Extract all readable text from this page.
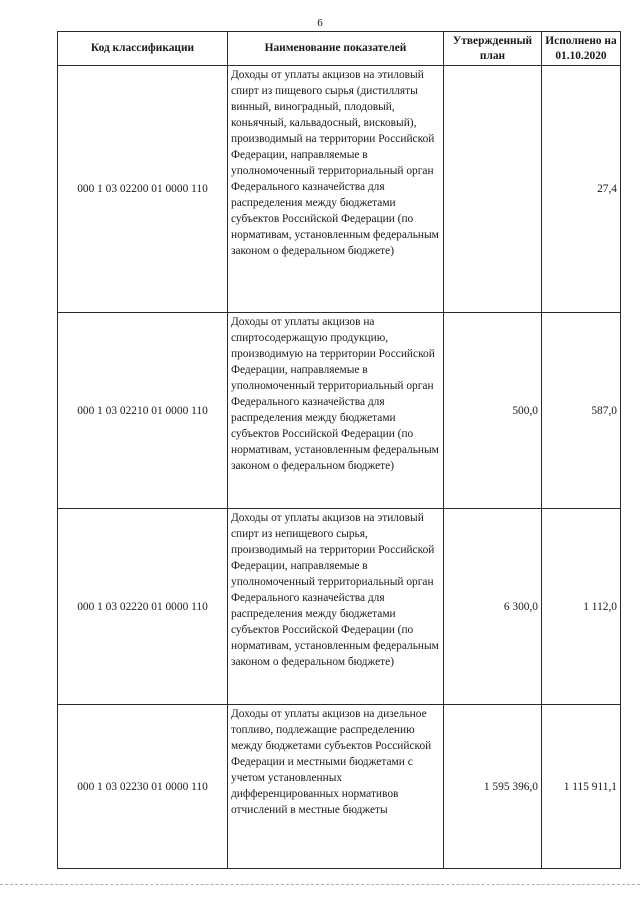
6
Код классификации	Наименование показателей	Утвержденный план	Исполнено на 01.10.2020
000 1 03 02200 01 0000 110	Доходы от уплаты акцизов на этиловый спирт из пищевого сырья (дистилляты винный, виноградный, плодовый, коньячный, кальвадосный, висковый), производимый на территории Российской Федерации, направляемые в уполномоченный территориальный орган Федерального казначейства для распределения между бюджетами субъектов Российской Федерации (по нормативам, установленным федеральным законом о федеральном бюджете)		27,4
000 1 03 02210 01 0000 110	Доходы от уплаты акцизов на спиртосодержащую продукцию, производимую на территории Российской Федерации, направляемые в уполномоченный территориальный орган Федерального казначейства для распределения между бюджетами субъектов Российской Федерации (по нормативам, установленным федеральным законом о федеральном бюджете)	500,0	587,0
000 1 03 02220 01 0000 110	Доходы от уплаты акцизов на этиловый спирт из непищевого сырья, производимый на территории Российской Федерации, направляемые в уполномоченный территориальный орган Федерального казначейства для распределения между бюджетами субъектов Российской Федерации (по нормативам, установленным федеральным законом о федеральном бюджете)	6 300,0	1 112,0
000 1 03 02230 01 0000 110	Доходы от уплаты акцизов на дизельное топливо, подлежащие распределению между бюджетами субъектов Российской Федерации и местными бюджетами с учетом установленных дифференцированных нормативов отчислений в местные бюджеты	1 595 396,0	1 115 911,1
